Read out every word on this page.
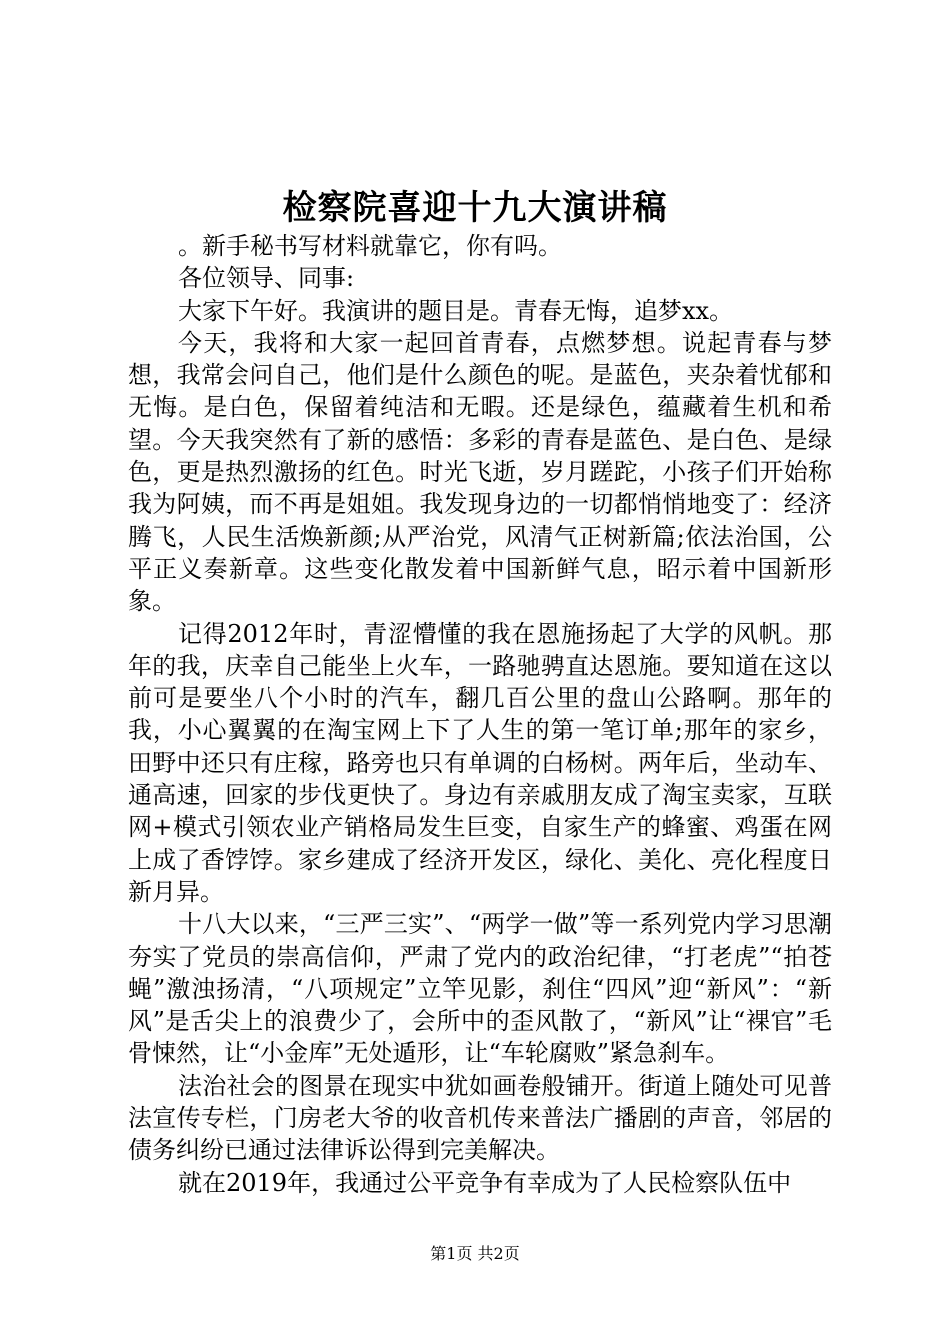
检察院喜迎十九大演讲稿

。新手秘书写材料就靠它，你有吗。

各位领导、同事:

大家下午好。我演讲的题目是。青春无悔，追梦xx。

今天，我将和大家一起回首青春，点燃梦想。说起青春与梦想，我常会问自己，他们是什么颜色的呢。是蓝色，夹杂着忧郁和无悔。是白色，保留着纯洁和无暇。还是绿色，蕴藏着生机和希望。今天我突然有了新的感悟：多彩的青春是蓝色、是白色、是绿色，更是热烈激扬的红色。时光飞逝，岁月蹉跎，小孩子们开始称我为阿姨，而不再是姐姐。我发现身边的一切都悄悄地变了：经济腾飞，人民生活焕新颜;从严治党，风清气正树新篇;依法治国，公平正义奏新章。这些变化散发着中国新鲜气息，昭示着中国新形象。

记得2012年时，青涩懵懂的我在恩施扬起了大学的风帆。那年的我，庆幸自己能坐上火车，一路驰骋直达恩施。要知道在这以前可是要坐八个小时的汽车，翻几百公里的盘山公路啊。那年的我，小心翼翼的在淘宝网上下了人生的第一笔订单;那年的家乡，田野中还只有庄稼，路旁也只有单调的白杨树。两年后，坐动车、通高速，回家的步伐更快了。身边有亲戚朋友成了淘宝卖家，互联网+模式引领农业产销格局发生巨变，自家生产的蜂蜜、鸡蛋在网上成了香饽饽。家乡建成了经济开发区，绿化、美化、亮化程度日新月异。

十八大以来，“三严三实”、“两学一做”等一系列党内学习思潮夯实了党员的崇高信仰，严肃了党内的政治纪律，“打老虎”“拍苍蝇”激浊扬清，“八项规定”立竿见影，刹住“四风”迎“新风”：“新风”是舌尖上的浪费少了，会所中的歪风散了，“新风”让“裸官”毛骨悚然，让“小金库”无处遁形，让“车轮腐败”紧急刹车。

法治社会的图景在现实中犹如画卷般铺开。街道上随处可见普法宣传专栏，门房老大爷的收音机传来普法广播剧的声音，邻居的债务纠纷已通过法律诉讼得到完美解决。

就在2019年，我通过公平竞争有幸成为了人民检察队伍中

第1页 共2页
